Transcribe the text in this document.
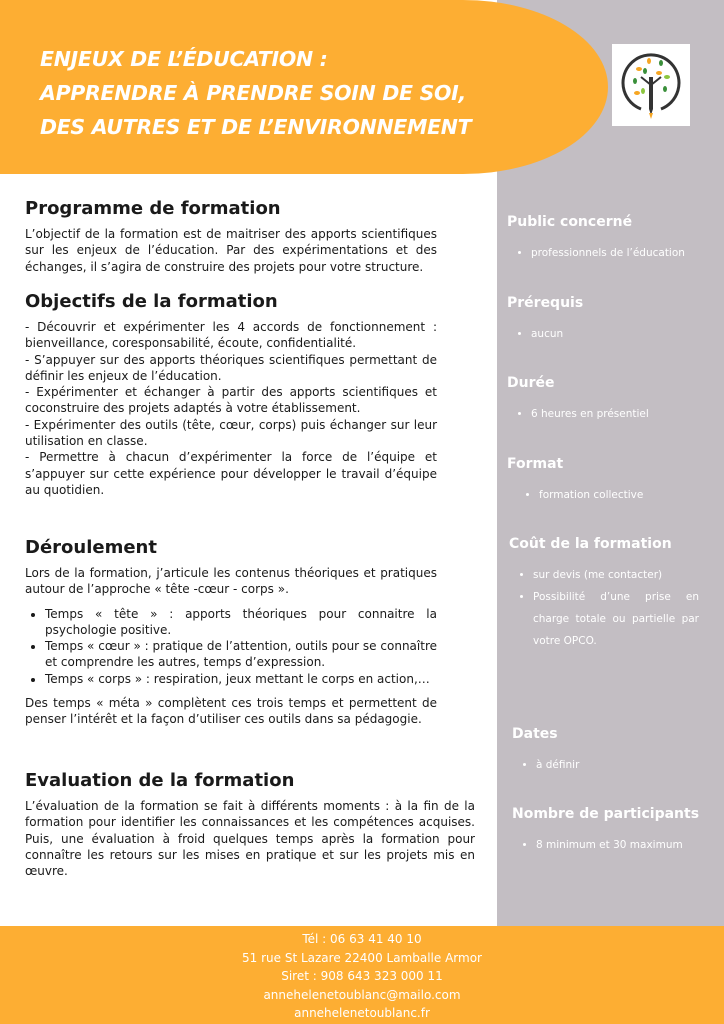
ENJEUX DE L’ÉDUCATION :
APPRENDRE À PRENDRE SOIN DE SOI,
DES AUTRES ET DE L’ENVIRONNEMENT
Programme de formation

L’objectif de la formation est de maitriser des apports scientifiques sur les enjeux de l’éducation. Par des expérimentations et des échanges, il s’agira de construire des projets pour votre structure.

Objectifs de la formation

- Découvrir et expérimenter les 4 accords de fonctionnement : bienveillance, coresponsabilité, écoute, confidentialité.

- S’appuyer sur des apports théoriques scientifiques permettant de définir les enjeux de l’éducation.

- Expérimenter et échanger à partir des apports scientifiques et coconstruire des projets adaptés à votre établissement.

- Expérimenter des outils (tête, cœur, corps) puis échanger sur leur utilisation en classe.

- Permettre à chacun d’expérimenter la force de l’équipe et s’appuyer sur cette expérience pour développer le travail d’équipe au quotidien.

Déroulement

Lors de la formation, j’articule les contenus théoriques et pratiques autour de l’approche « tête -cœur - corps ».

• Temps « tête » : apports théoriques pour connaitre la psychologie positive.
• Temps « cœur » : pratique de l’attention, outils pour se connaître et comprendre les autres, temps d’expression.
• Temps « corps » : respiration, jeux mettant le corps en action,…

Des temps « méta » complètent ces trois temps et permettent de penser l’intérêt et la façon d’utiliser ces outils dans sa pédagogie.

Evaluation de la formation

L’évaluation de la formation se fait à différents moments : à la fin de la formation pour identifier les connaissances et les compétences acquises. Puis, une évaluation à froid quelques temps après la formation pour connaître les retours sur les mises en pratique et sur les projets mis en œuvre.

Public concerné
• professionnels de l’éducation
Prérequis
• aucun
Durée
• 6 heures en présentiel
Format
• formation collective
Coût de la formation
• sur devis (me contacter)
• Possibilité d’une prise en charge totale ou partielle par votre OPCO.
Dates
• à définir
Nombre de participants
• 8 minimum et 30 maximum
Tél : 06 63 41 40 10
51 rue St Lazare 22400 Lamballe Armor
Siret : 908 643 323 000 11
annehelenetoublanc@mailo.com
annehelenetoublanc.fr
